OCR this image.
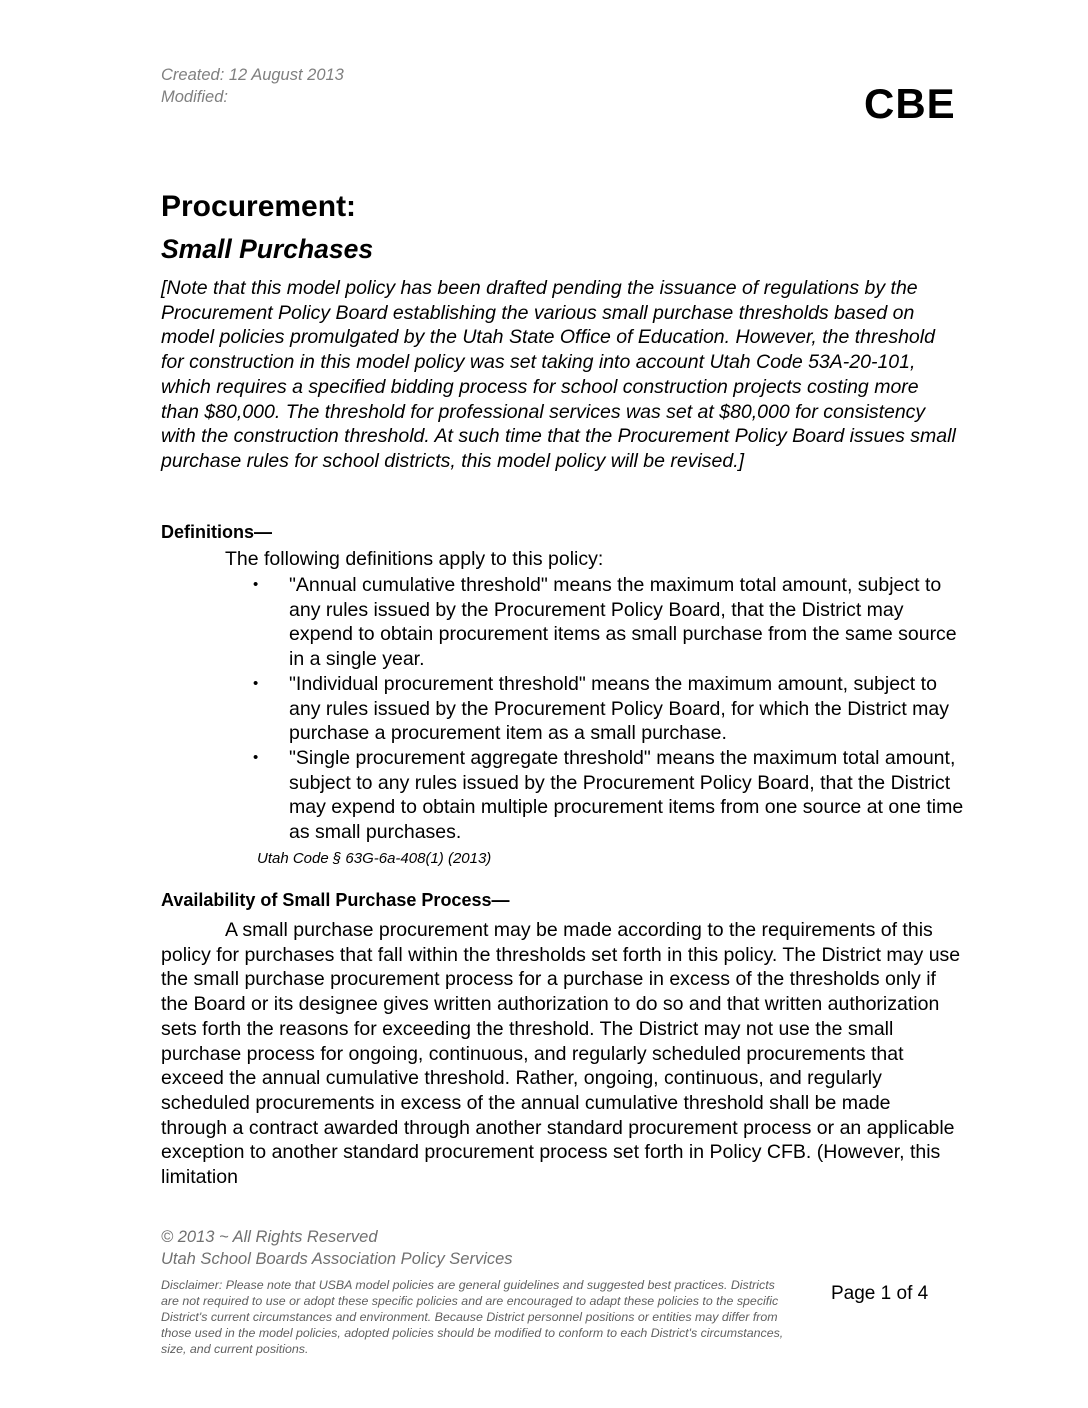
Created: 12 August 2013
Modified:	CBE
Procurement:
Small Purchases

[Note that this model policy has been drafted pending the issuance of regulations by the Procurement Policy Board establishing the various small purchase thresholds based on model policies promulgated by the Utah State Office of Education. However, the threshold for construction in this model policy was set taking into account Utah Code 53A-20-101, which requires a specified bidding process for school construction projects costing more than $80,000. The threshold for professional services was set at $80,000 for consistency with the construction threshold. At such time that the Procurement Policy Board issues small purchase rules for school districts, this model policy will be revised.]

Definitions—
The following definitions apply to this policy:
• "Annual cumulative threshold" means the maximum total amount, subject to any rules issued by the Procurement Policy Board, that the District may expend to obtain procurement items as small purchase from the same source in a single year.
• "Individual procurement threshold" means the maximum amount, subject to any rules issued by the Procurement Policy Board, for which the District may purchase a procurement item as a small purchase.
• "Single procurement aggregate threshold" means the maximum total amount, subject to any rules issued by the Procurement Policy Board, that the District may expend to obtain multiple procurement items from one source at one time as small purchases.
Utah Code § 63G-6a-408(1) (2013)
Availability of Small Purchase Process—

A small purchase procurement may be made according to the requirements of this policy for purchases that fall within the thresholds set forth in this policy. The District may use the small purchase procurement process for a purchase in excess of the thresholds only if the Board or its designee gives written authorization to do so and that written authorization sets forth the reasons for exceeding the threshold. The District may not use the small purchase process for ongoing, continuous, and regularly scheduled procurements that exceed the annual cumulative threshold. Rather, ongoing, continuous, and regularly scheduled procurements in excess of the annual cumulative threshold shall be made through a contract awarded through another standard procurement process or an applicable exception to another standard procurement process set forth in Policy CFB. (However, this limitation

© 2013 ~ All Rights Reserved
Utah School Boards Association Policy Services

Disclaimer: Please note that USBA model policies are general guidelines and suggested best practices. Districts are not required to use or adopt these specific policies and are encouraged to adapt these policies to the specific District's current circumstances and environment. Because District personnel positions or entities may differ from those used in the model policies, adopted policies should be modified to conform to each District's circumstances, size, and current positions.

Page 1 of 4
